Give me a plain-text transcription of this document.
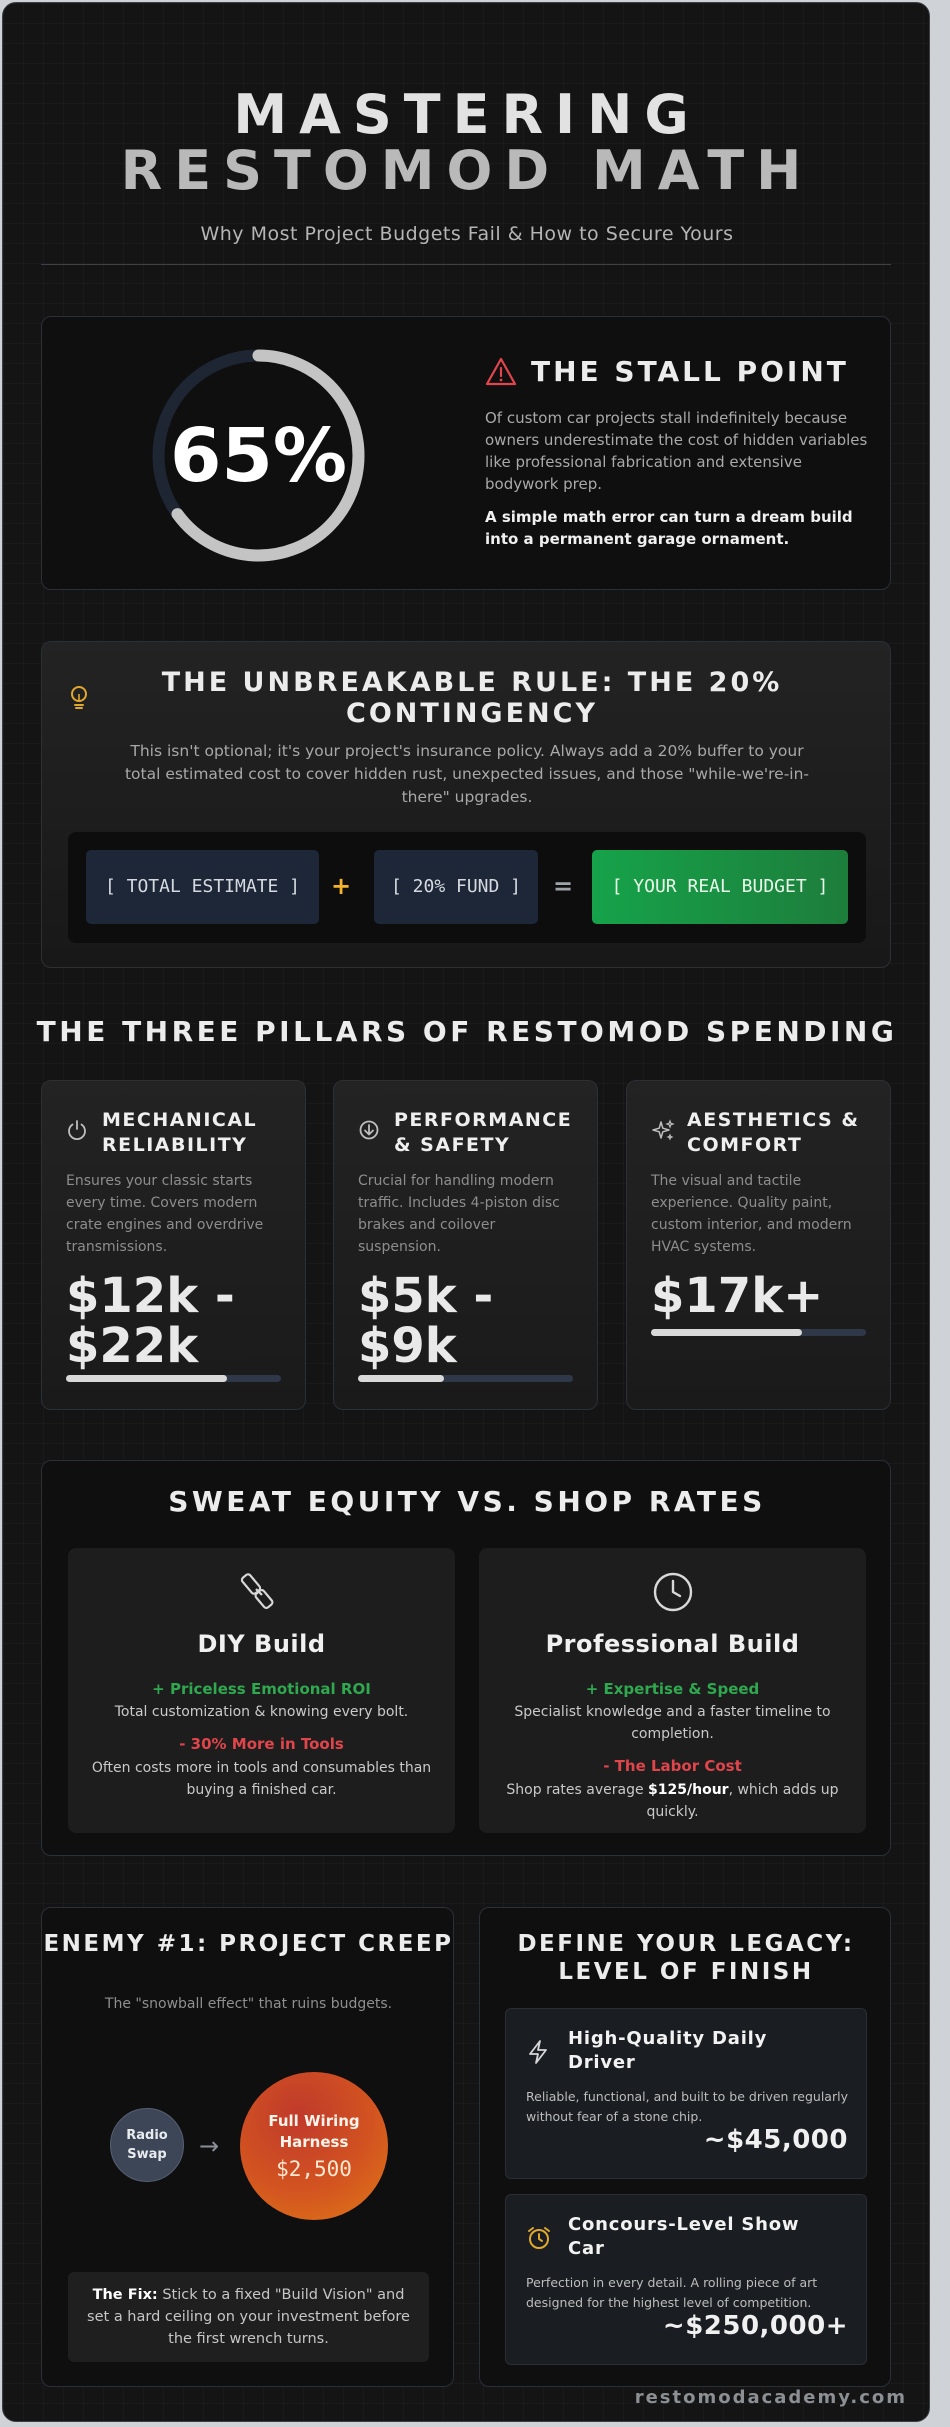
MASTERING
RESTOMOD MATH
Why Most Project Budgets Fail & How to Secure Yours
65%
THE STALL POINT
Of custom car projects stall indefinitely because owners underestimate the cost of hidden variables like professional fabrication and extensive bodywork prep.
A simple math error can turn a dream build into a permanent garage ornament.
THE UNBREAKABLE RULE: THE 20% CONTINGENCY

This isn't optional; it's your project's insurance policy. Always add a 20% buffer to your total estimated cost to cover hidden rust, unexpected issues, and those "while-we're-in-there" upgrades.

[ TOTAL ESTIMATE ]	+	[ 20% FUND ]	=	[ YOUR REAL BUDGET ]
THE THREE PILLARS OF RESTOMOD SPENDING
MECHANICAL RELIABILITY

Ensures your classic starts every time. Covers modern crate engines and overdrive transmissions.

$12k - $22k
PERFORMANCE & SAFETY

Crucial for handling modern traffic. Includes 4-piston disc brakes and coilover suspension.

$5k - $9k
AESTHETICS & COMFORT

The visual and tactile experience. Quality paint, custom interior, and modern HVAC systems.

$17k+
SWEAT EQUITY VS. SHOP RATES
DIY Build
+ Priceless Emotional ROI
Total customization & knowing every bolt.
- 30% More in Tools
Often costs more in tools and consumables than buying a finished car.
Professional Build
+ Expertise & Speed
Specialist knowledge and a faster timeline to completion.
- The Labor Cost
Shop rates average $125/hour, which adds up quickly.
ENEMY #1: PROJECT CREEP
The "snowball effect" that ruins budgets.
Radio Swap	→
Full Wiring Harness
$2,500
The Fix: Stick to a fixed "Build Vision" and set a hard ceiling on your investment before the first wrench turns.
DEFINE YOUR LEGACY: LEVEL OF FINISH
High-Quality Daily Driver

Reliable, functional, and built to be driven regularly without fear of a stone chip.

~$45,000
Concours-Level Show Car

Perfection in every detail. A rolling piece of art designed for the highest level of competition.

~$250,000+
restomodacademy.com
